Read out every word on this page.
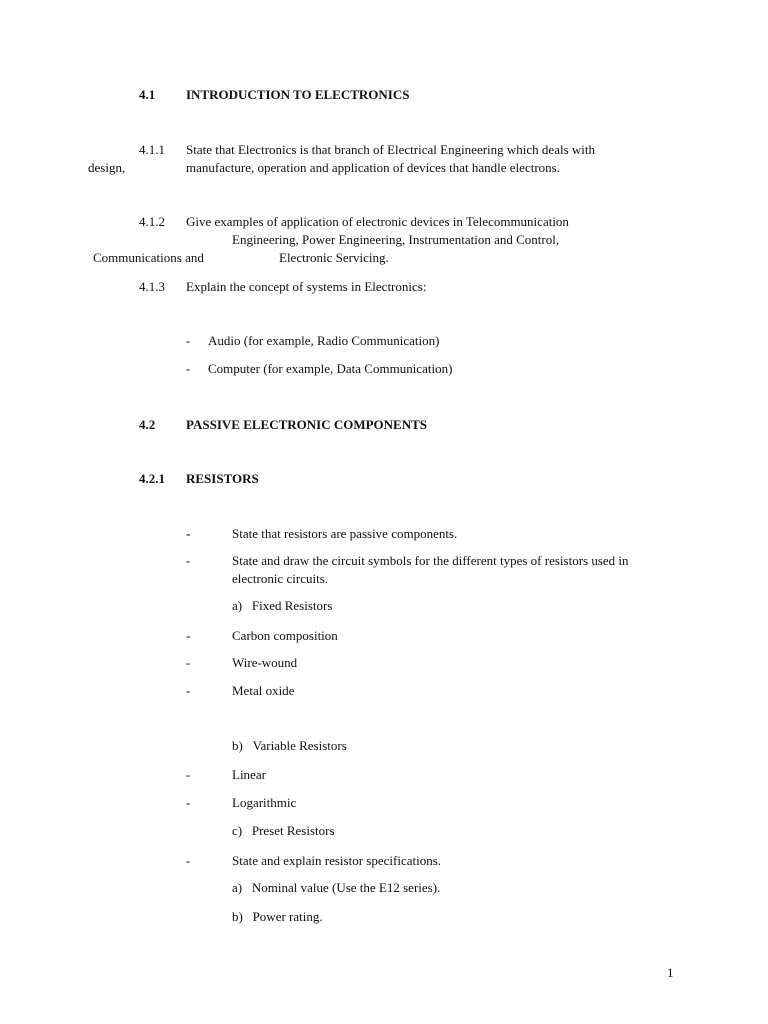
4.1 INTRODUCTION TO ELECTRONICS
4.1.1 State that Electronics is that branch of Electrical Engineering which deals with
design,	manufacture, operation and application of devices that handle electrons.
4.1.2 Give examples of application of electronic devices in Telecommunication
Engineering, Power Engineering, Instrumentation and Control,
Communications and	Electronic Servicing.
4.1.3 Explain the concept of systems in Electronics:
- Audio (for example, Radio Communication)
- Computer (for example, Data Communication)
4.2 PASSIVE ELECTRONIC COMPONENTS
4.2.1 RESISTORS
-	State that resistors are passive components.
-	State and draw the circuit symbols for the different types of resistors used in
electronic circuits.
a)   Fixed Resistors
-	Carbon composition
-	Wire-wound
-	Metal oxide
b)   Variable Resistors
-	Linear
-	Logarithmic
c)   Preset Resistors
-	State and explain resistor specifications.
a)   Nominal value (Use the E12 series).
b)   Power rating.
1
